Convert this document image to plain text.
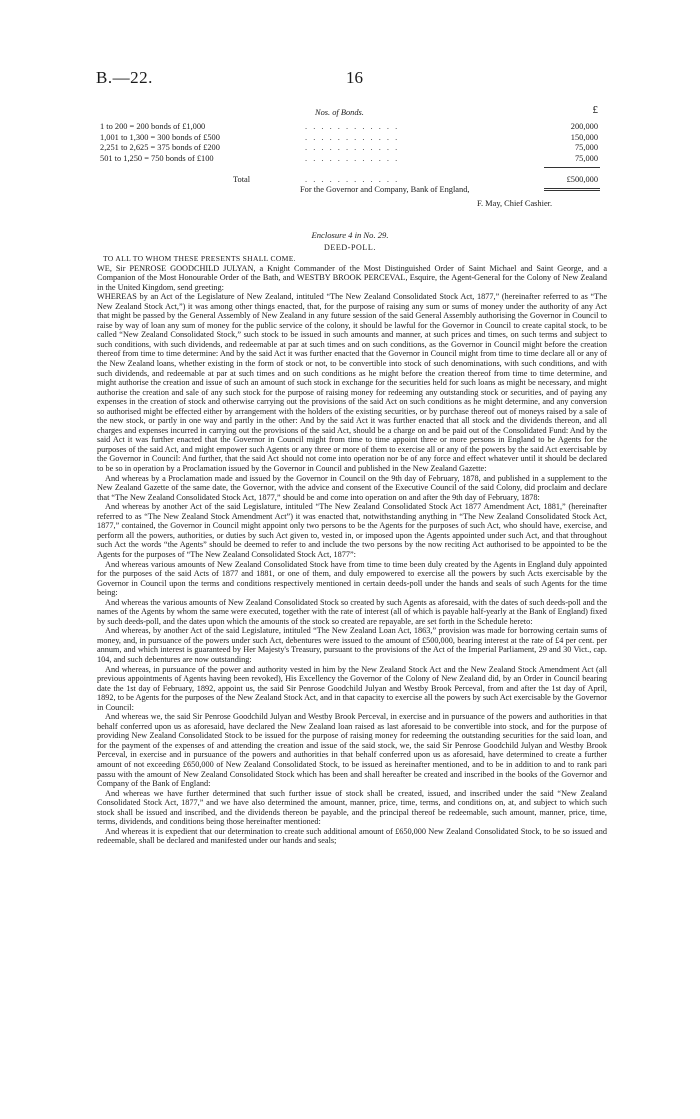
B.—22.	16
Nos. of Bonds.	£
1 to 200 = 200 bonds of £1,000	. . . . . . . . . . . .	200,000
1,001 to 1,300 = 300 bonds of £500	. . . . . . . . . . . .	150,000
2,251 to 2,625 = 375 bonds of £200	. . . . . . . . . . . .	75,000
501 to 1,250 = 750 bonds of £100	. . . . . . . . . . . .	75,000
Total	. . . . . . . . . . . .	£500,000
For the Governor and Company, Bank of England,
F. May, Chief Cashier.
Enclosure 4 in No. 29.
DEED-POLL.

TO ALL TO WHOM THESE PRESENTS SHALL COME.

WE, Sir PENROSE GOODCHILD JULYAN, a Knight Commander of the Most Distinguished Order of Saint Michael and Saint George, and a Companion of the Most Honourable Order of the Bath, and WESTBY BROOK PERCEVAL, Esquire, the Agent-General for the Colony of New Zealand in the United Kingdom, send greeting:

WHEREAS by an Act of the Legislature of New Zealand, intituled “The New Zealand Consolidated Stock Act, 1877,” (hereinafter referred to as “The New Zealand Stock Act,”) it was among other things enacted, that, for the purpose of raising any sum or sums of money under the authority of any Act that might be passed by the General Assembly of New Zealand in any future session of the said General Assembly authorising the Governor in Council to raise by way of loan any sum of money for the public service of the colony, it should be lawful for the Governor in Council to create capital stock, to be called “New Zealand Consolidated Stock,” such stock to be issued in such amounts and manner, at such prices and times, on such terms and subject to such conditions, with such dividends, and redeemable at par at such times and on such conditions, as the Governor in Council might before the creation thereof from time to time determine: And by the said Act it was further enacted that the Governor in Council might from time to time declare all or any of the New Zealand loans, whether existing in the form of stock or not, to be convertible into stock of such denominations, with such conditions, and with such dividends, and redeemable at par at such times and on such conditions as he might before the creation thereof from time to time determine, and might authorise the creation and issue of such an amount of such stock in exchange for the securities held for such loans as might be necessary, and might authorise the creation and sale of any such stock for the purpose of raising money for redeeming any outstanding stock or securities, and of paying any expenses in the creation of stock and otherwise carrying out the provisions of the said Act on such conditions as he might determine, and any conversion so authorised might be effected either by arrangement with the holders of the existing securities, or by purchase thereof out of moneys raised by a sale of the new stock, or partly in one way and partly in the other: And by the said Act it was further enacted that all stock and the dividends thereon, and all charges and expenses incurred in carrying out the provisions of the said Act, should be a charge on and be paid out of the Consolidated Fund: And by the said Act it was further enacted that the Governor in Council might from time to time appoint three or more persons in England to be Agents for the purposes of the said Act, and might empower such Agents or any three or more of them to exercise all or any of the powers by the said Act exercisable by the Governor in Council: And further, that the said Act should not come into operation nor be of any force and effect whatever until it should be declared to be so in operation by a Proclamation issued by the Governor in Council and published in the New Zealand Gazette:

And whereas by a Proclamation made and issued by the Governor in Council on the 9th day of February, 1878, and published in a supplement to the New Zealand Gazette of the same date, the Governor, with the advice and consent of the Executive Council of the said Colony, did proclaim and declare that “The New Zealand Consolidated Stock Act, 1877,” should be and come into operation on and after the 9th day of February, 1878:

And whereas by another Act of the said Legislature, intituled “The New Zealand Consolidated Stock Act 1877 Amendment Act, 1881,” (hereinafter referred to as “The New Zealand Stock Amendment Act”) it was enacted that, notwithstanding anything in “The New Zealand Consolidated Stock Act, 1877,” contained, the Governor in Council might appoint only two persons to be the Agents for the purposes of such Act, who should have, exercise, and perform all the powers, authorities, or duties by such Act given to, vested in, or imposed upon the Agents appointed under such Act, and that throughout such Act the words “the Agents” should be deemed to refer to and include the two persons by the now reciting Act authorised to be appointed to be the Agents for the purposes of “The New Zealand Consolidated Stock Act, 1877”:

And whereas various amounts of New Zealand Consolidated Stock have from time to time been duly created by the Agents in England duly appointed for the purposes of the said Acts of 1877 and 1881, or one of them, and duly empowered to exercise all the powers by such Acts exercisable by the Governor in Council upon the terms and conditions respectively mentioned in certain deeds-poll under the hands and seals of such Agents for the time being:

And whereas the various amounts of New Zealand Consolidated Stock so created by such Agents as aforesaid, with the dates of such deeds-poll and the names of the Agents by whom the same were executed, together with the rate of interest (all of which is payable half-yearly at the Bank of England) fixed by such deeds-poll, and the dates upon which the amounts of the stock so created are repayable, are set forth in the Schedule hereto:

And whereas, by another Act of the said Legislature, intituled “The New Zealand Loan Act, 1863,” provision was made for borrowing certain sums of money, and, in pursuance of the powers under such Act, debentures were issued to the amount of £500,000, bearing interest at the rate of £4 per cent. per annum, and which interest is guaranteed by Her Majesty's Treasury, pursuant to the provisions of the Act of the Imperial Parliament, 29 and 30 Vict., cap. 104, and such debentures are now outstanding:

And whereas, in pursuance of the power and authority vested in him by the New Zealand Stock Act and the New Zealand Stock Amendment Act (all previous appointments of Agents having been revoked), His Excellency the Governor of the Colony of New Zealand did, by an Order in Council bearing date the 1st day of February, 1892, appoint us, the said Sir Penrose Goodchild Julyan and Westby Brook Perceval, from and after the 1st day of April, 1892, to be Agents for the purposes of the New Zealand Stock Act, and in that capacity to exercise all the powers by such Act exercisable by the Governor in Council:

And whereas we, the said Sir Penrose Goodchild Julyan and Westby Brook Perceval, in exercise and in pursuance of the powers and authorities in that behalf conferred upon us as aforesaid, have declared the New Zealand loan raised as last aforesaid to be convertible into stock, and for the purpose of providing New Zealand Consolidated Stock to be issued for the purpose of raising money for redeeming the outstanding securities for the said loan, and for the payment of the expenses of and attending the creation and issue of the said stock, we, the said Sir Penrose Goodchild Julyan and Westby Brook Perceval, in exercise and in pursuance of the powers and authorities in that behalf conferred upon us as aforesaid, have determined to create a further amount of not exceeding £650,000 of New Zealand Consolidated Stock, to be issued as hereinafter mentioned, and to be in addition to and to rank pari passu with the amount of New Zealand Consolidated Stock which has been and shall hereafter be created and inscribed in the books of the Governor and Company of the Bank of England:

And whereas we have further determined that such further issue of stock shall be created, issued, and inscribed under the said “New Zealand Consolidated Stock Act, 1877,” and we have also determined the amount, manner, price, time, terms, and conditions on, at, and subject to which such stock shall be issued and inscribed, and the dividends thereon be payable, and the principal thereof be redeemable, such amount, manner, price, time, terms, dividends, and conditions being those hereinafter mentioned:

And whereas it is expedient that our determination to create such additional amount of £650,000 New Zealand Consolidated Stock, to be so issued and redeemable, shall be declared and manifested under our hands and seals;
